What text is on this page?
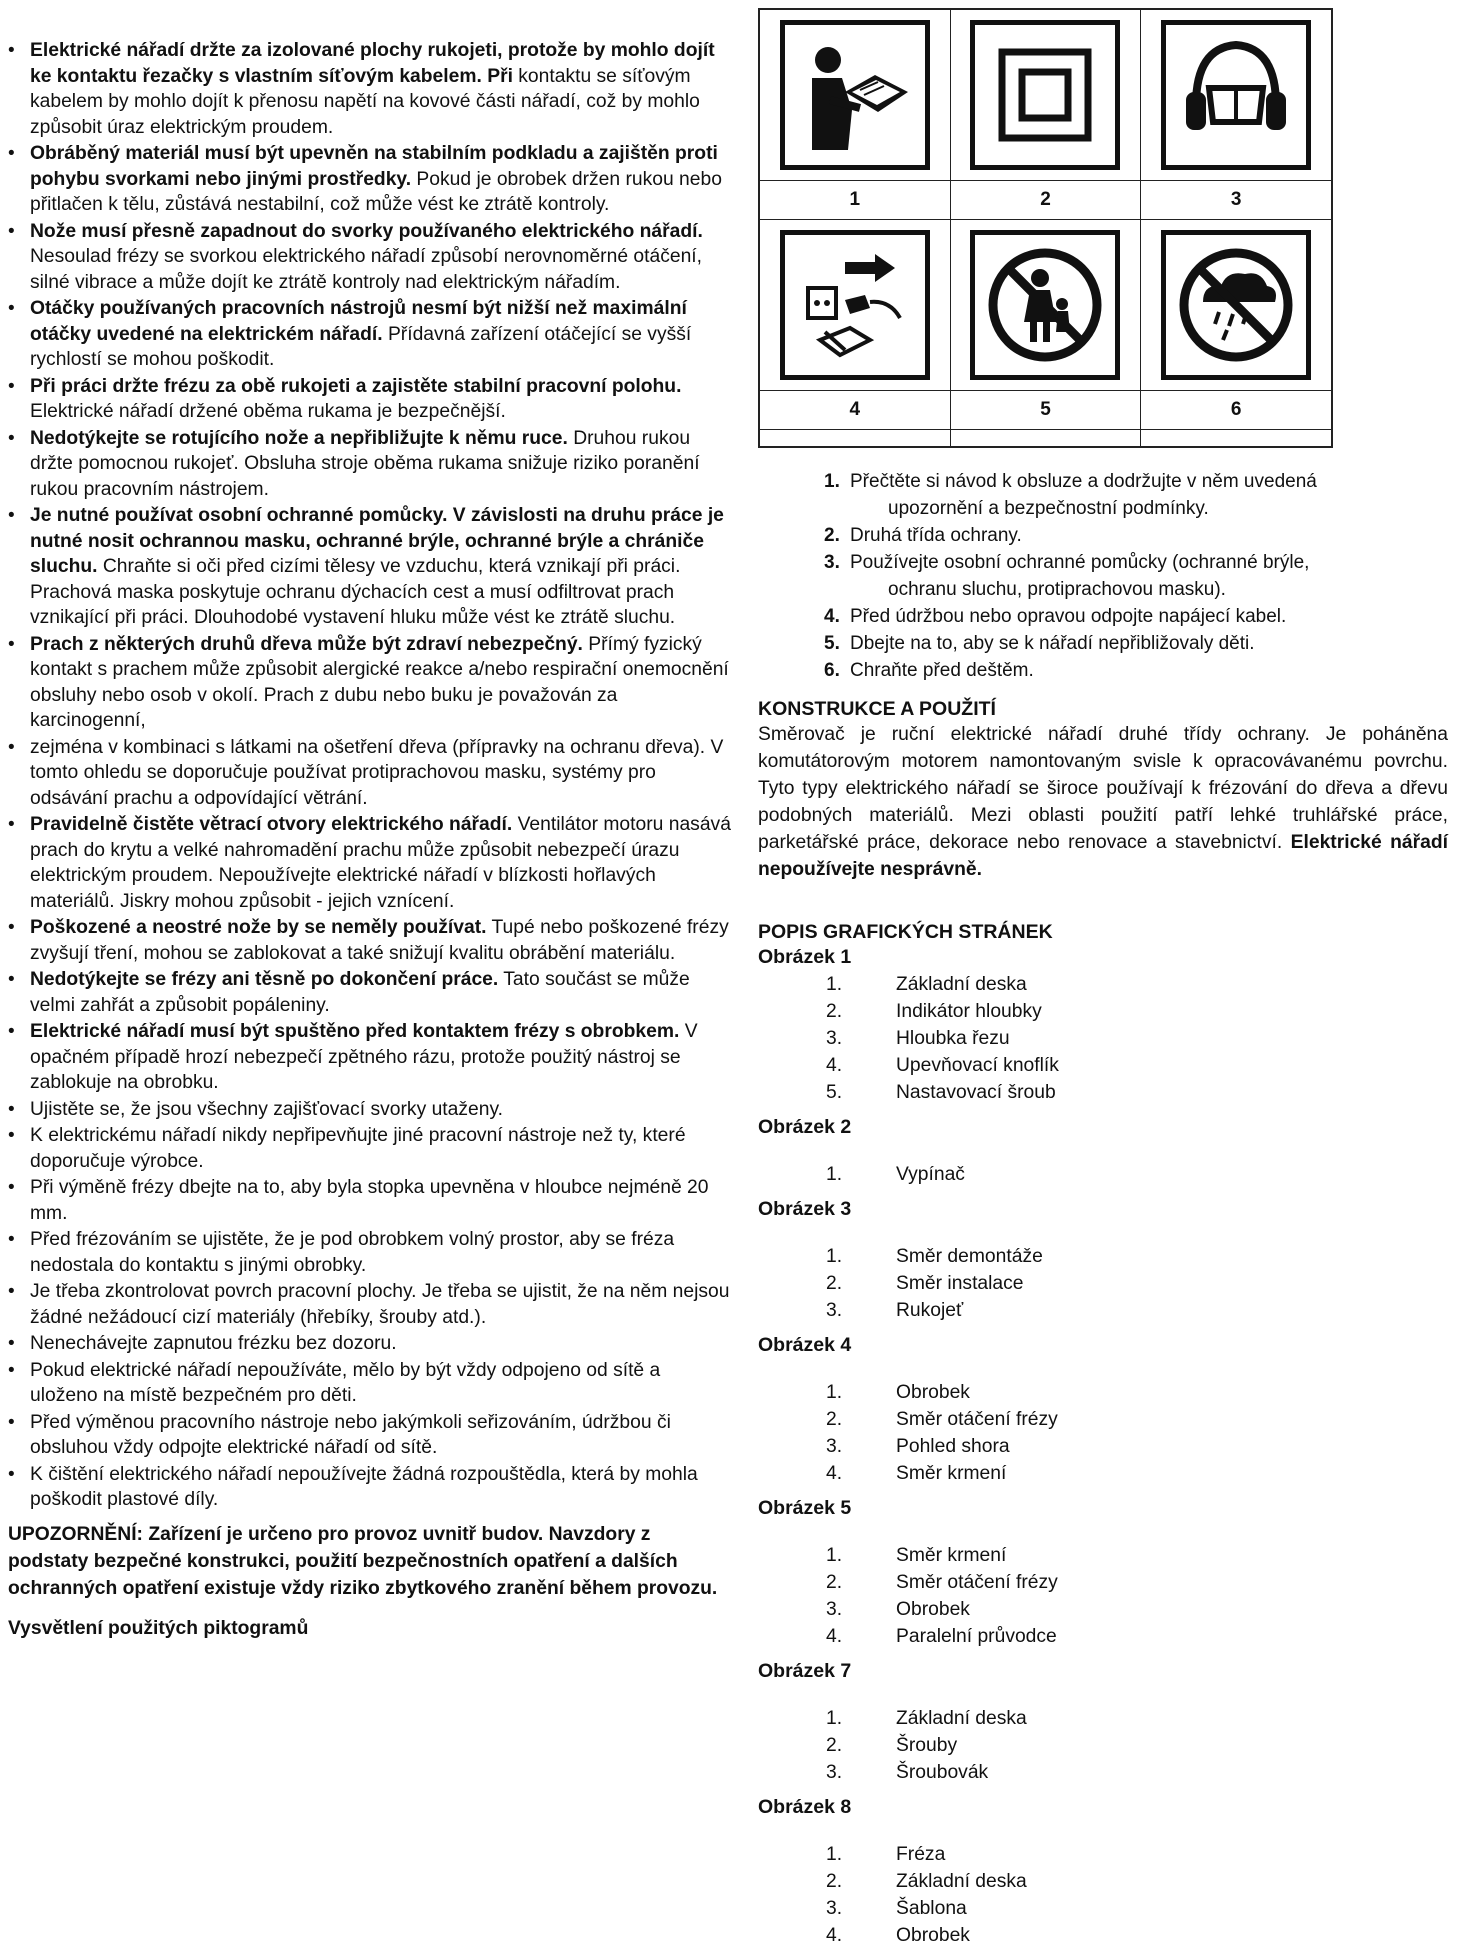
• Elektrické nářadí držte za izolované plochy rukojeti, protože by mohlo dojít ke kontaktu řezačky s vlastním síťovým kabelem. Při kontaktu se síťovým kabelem by mohlo dojít k přenosu napětí na kovové části nářadí, což by mohlo způsobit úraz elektrickým proudem.
• Obráběný materiál musí být upevněn na stabilním podkladu a zajištěn proti pohybu svorkami nebo jinými prostředky. Pokud je obrobek držen rukou nebo přitlačen k tělu, zůstává nestabilní, což může vést ke ztrátě kontroly.
• Nože musí přesně zapadnout do svorky používaného elektrického nářadí. Nesoulad frézy se svorkou elektrického nářadí způsobí nerovnoměrné otáčení, silné vibrace a může dojít ke ztrátě kontroly nad elektrickým nářadím.
• Otáčky používaných pracovních nástrojů nesmí být nižší než maximální otáčky uvedené na elektrickém nářadí. Přídavná zařízení otáčející se vyšší rychlostí se mohou poškodit.
• Při práci držte frézu za obě rukojeti a zajistěte stabilní pracovní polohu. Elektrické nářadí držené oběma rukama je bezpečnější.
• Nedotýkejte se rotujícího nože a nepřibližujte k němu ruce. Druhou rukou držte pomocnou rukojeť. Obsluha stroje oběma rukama snižuje riziko poranění rukou pracovním nástrojem.
• Je nutné používat osobní ochranné pomůcky. V závislosti na druhu práce je nutné nosit ochrannou masku, ochranné brýle, ochranné brýle a chrániče sluchu. Chraňte si oči před cizími tělesy ve vzduchu, která vznikají při práci. Prachová maska poskytuje ochranu dýchacích cest a musí odfiltrovat prach vznikající při práci. Dlouhodobé vystavení hluku může vést ke ztrátě sluchu.
• Prach z některých druhů dřeva může být zdraví nebezpečný. Přímý fyzický kontakt s prachem může způsobit alergické reakce a/nebo respirační onemocnění obsluhy nebo osob v okolí. Prach z dubu nebo buku je považován za karcinogenní,
• zejména v kombinaci s látkami na ošetření dřeva (přípravky na ochranu dřeva). V tomto ohledu se doporučuje používat protiprachovou masku, systémy pro odsávání prachu a odpovídající větrání.
• Pravidelně čistěte větrací otvory elektrického nářadí. Ventilátor motoru nasává prach do krytu a velké nahromadění prachu může způsobit nebezpečí úrazu elektrickým proudem. Nepoužívejte elektrické nářadí v blízkosti hořlavých materiálů. Jiskry mohou způsobit - jejich vznícení.
• Poškozené a neostré nože by se neměly používat. Tupé nebo poškozené frézy zvyšují tření, mohou se zablokovat a také snižují kvalitu obrábění materiálu.
• Nedotýkejte se frézy ani těsně po dokončení práce. Tato součást se může velmi zahřát a způsobit popáleniny.
• Elektrické nářadí musí být spuštěno před kontaktem frézy s obrobkem. V opačném případě hrozí nebezpečí zpětného rázu, protože použitý nástroj se zablokuje na obrobku.
• Ujistěte se, že jsou všechny zajišťovací svorky utaženy.
• K elektrickému nářadí nikdy nepřipevňujte jiné pracovní nástroje než ty, které doporučuje výrobce.
• Při výměně frézy dbejte na to, aby byla stopka upevněna v hloubce nejméně 20 mm.
• Před frézováním se ujistěte, že je pod obrobkem volný prostor, aby se fréza nedostala do kontaktu s jinými obrobky.
• Je třeba zkontrolovat povrch pracovní plochy. Je třeba se ujistit, že na něm nejsou žádné nežádoucí cizí materiály (hřebíky, šrouby atd.).
• Nenechávejte zapnutou frézku bez dozoru.
• Pokud elektrické nářadí nepoužíváte, mělo by být vždy odpojeno od sítě a uloženo na místě bezpečném pro děti.
• Před výměnou pracovního nástroje nebo jakýmkoli seřizováním, údržbou či obsluhou vždy odpojte elektrické nářadí od sítě.
• K čištění elektrického nářadí nepoužívejte žádná rozpouštědla, která by mohla poškodit plastové díly.
UPOZORNĚNÍ: Zařízení je určeno pro provoz uvnitř budov. Navzdory z podstaty bezpečné konstrukci, použití bezpečnostních opatření a dalších ochranných opatření existuje vždy riziko zbytkového zranění během provozu.
Vysvětlení použitých piktogramů

1	2	3

4	5	6

1. Přečtěte si návod k obsluze a dodržujte v něm uvedená
upozornění a bezpečnostní podmínky.
2. Druhá třída ochrany.
3. Používejte osobní ochranné pomůcky (ochranné brýle,
ochranu sluchu, protiprachovou masku).
4. Před údržbou nebo opravou odpojte napájecí kabel.
5. Dbejte na to, aby se k nářadí nepřibližovaly děti.
6. Chraňte před deštěm.
KONSTRUKCE A POUŽITÍ

Směrovač je ruční elektrické nářadí druhé třídy ochrany. Je poháněna komutátorovým motorem namontovaným svisle k opracovávanému povrchu. Tyto typy elektrického nářadí se široce používají k frézování do dřeva a dřevu podobných materiálů. Mezi oblasti použití patří lehké truhlářské práce, parketářské práce, dekorace nebo renovace a stavebnictví. Elektrické nářadí nepoužívejte nesprávně.

POPIS GRAFICKÝCH STRÁNEK
Obrázek 1
1.	Základní deska
2.	Indikátor hloubky
3.	Hloubka řezu
4.	Upevňovací knoflík
5.	Nastavovací šroub
Obrázek 2
1.	Vypínač
Obrázek 3
1.	Směr demontáže
2.	Směr instalace
3.	Rukojeť
Obrázek 4
1.	Obrobek
2.	Směr otáčení frézy
3.	Pohled shora
4.	Směr krmení
Obrázek 5
1.	Směr krmení
2.	Směr otáčení frézy
3.	Obrobek
4.	Paralelní průvodce
Obrázek 7
1.	Základní deska
2.	Šrouby
3.	Šroubovák
Obrázek 8
1.	Fréza
2.	Základní deska
3.	Šablona
4.	Obrobek
